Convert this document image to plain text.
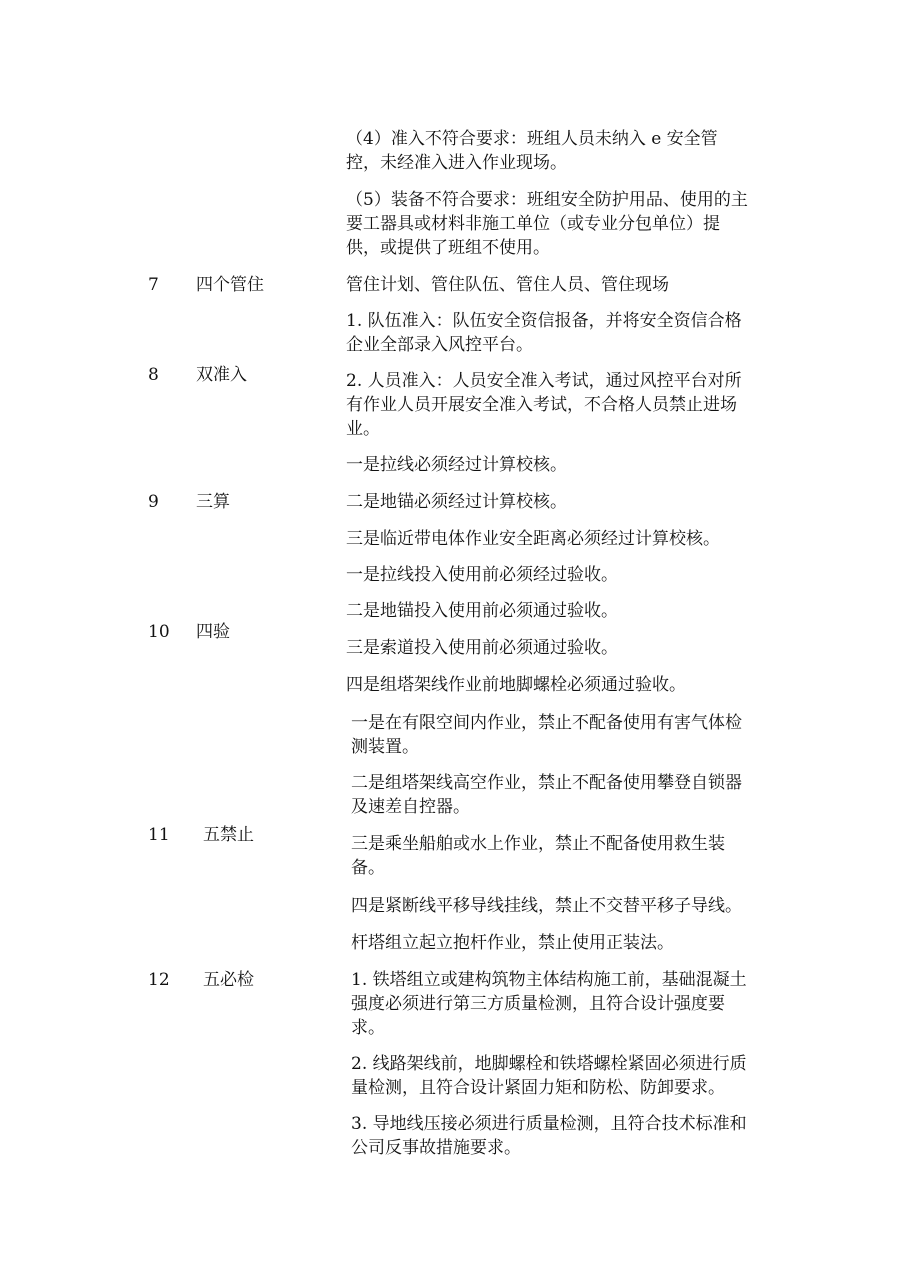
（4）准入不符合要求：班组人员未纳入 e 安全管
控，未经准入进入作业现场。
（5）装备不符合要求：班组安全防护用品、使用的主
要工器具或材料非施工单位（或专业分包单位）提
供，或提供了班组不使用。
7 四个管住	管住计划、管住队伍、管住人员、管住现场
8 双准入
1. 队伍准入：队伍安全资信报备，并将安全资信合格
企业全部录入风控平台。
2. 人员准入：人员安全准入考试，通过风控平台对所
有作业人员开展安全准入考试，不合格人员禁止进场
业。
9 三算
一是拉线必须经过计算校核。
二是地锚必须经过计算校核。
三是临近带电体作业安全距离必须经过计算校核。
10 四验
一是拉线投入使用前必须经过验收。
二是地锚投入使用前必须通过验收。
三是索道投入使用前必须通过验收。
四是组塔架线作业前地脚螺栓必须通过验收。
11 五禁止
一是在有限空间内作业，禁止不配备使用有害气体检
测装置。
二是组塔架线高空作业，禁止不配备使用攀登自锁器
及速差自控器。
三是乘坐船舶或水上作业，禁止不配备使用救生装
备。
四是紧断线平移导线挂线，禁止不交替平移子导线。
杆塔组立起立抱杆作业，禁止使用正装法。
12 五必检	1. 铁塔组立或建构筑物主体结构施工前，基础混凝土
强度必须进行第三方质量检测，且符合设计强度要
求。
2. 线路架线前，地脚螺栓和铁塔螺栓紧固必须进行质
量检测，且符合设计紧固力矩和防松、防卸要求。
3. 导地线压接必须进行质量检测，且符合技术标准和
公司反事故措施要求。
